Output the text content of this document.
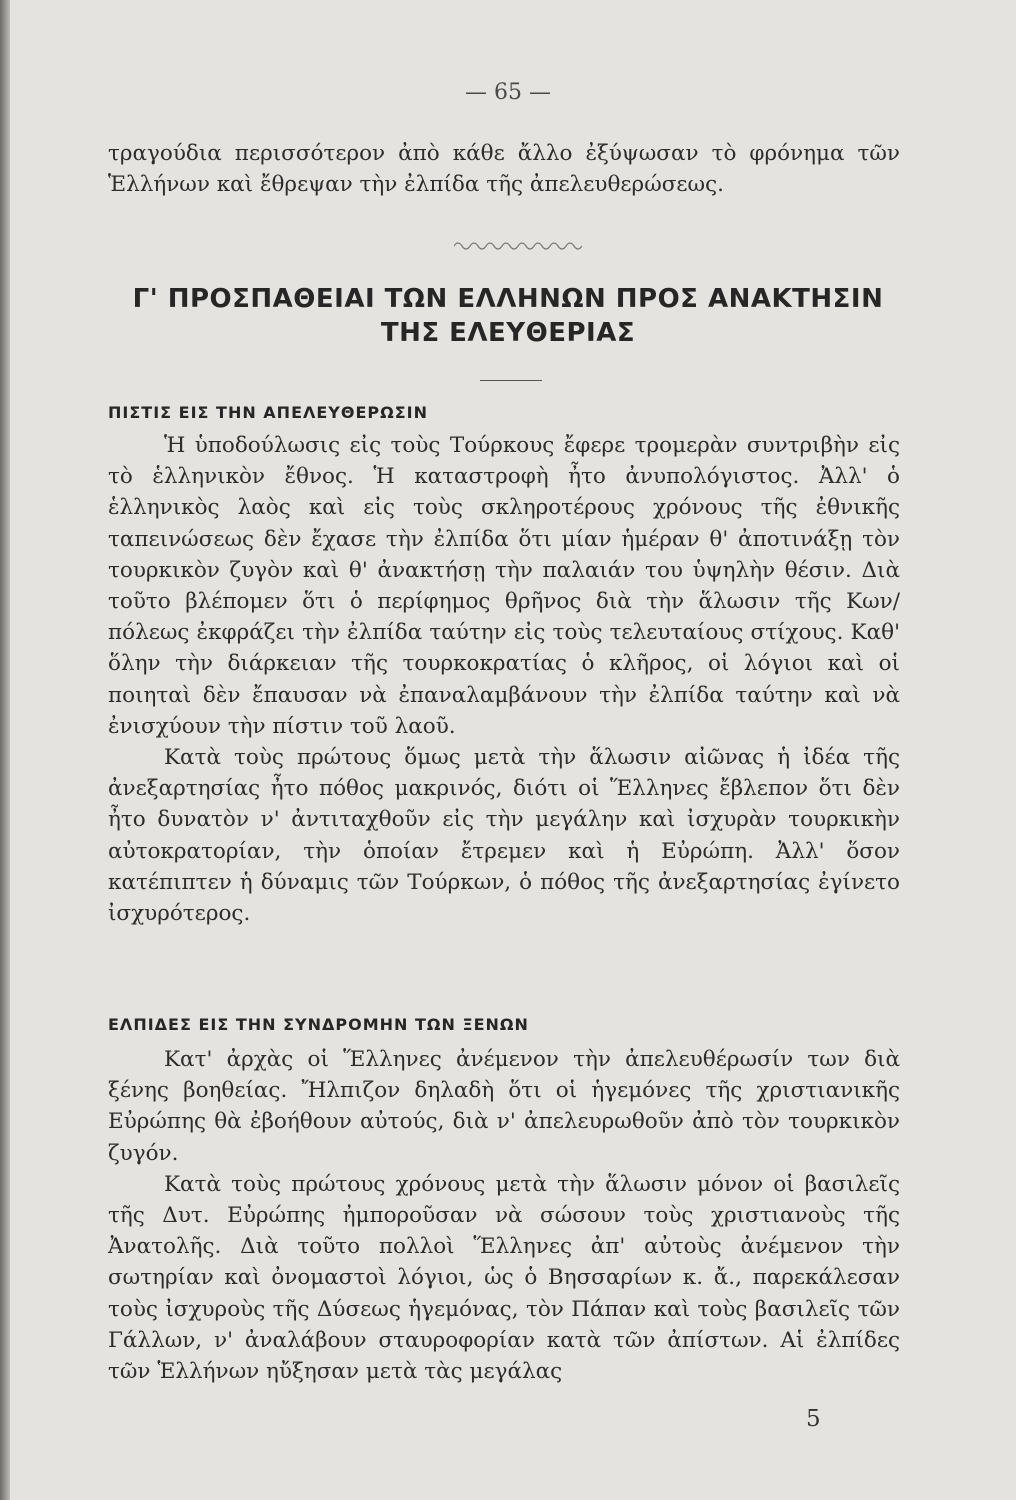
— 65 —

τραγούδια περισσότερον ἀπὸ κάθε ἄλλο ἐξύψωσαν τὸ φρόνημα τῶν Ἑλλήνων καὶ ἔθρεψαν τὴν ἐλπίδα τῆς ἀπελευθερώσεως.

Γ' ΠΡΟΣΠΑΘΕΙΑΙ ΤΩΝ ΕΛΛΗΝΩΝ ΠΡΟΣ ΑΝΑΚΤΗΣΙΝ
ΤΗΣ ΕΛΕΥΘΕΡΙΑΣ
ΠΙΣΤΙΣ ΕΙΣ ΤΗΝ ΑΠΕΛΕΥΘΕΡΩΣΙΝ

Ἡ ὑποδούλωσις εἰς τοὺς Τούρκους ἔφερε τρομερὰν συντριβὴν εἰς τὸ ἑλληνικὸν ἔθνος. Ἡ καταστροφὴ ἦτο ἀνυπολόγιστος. Ἀλλ' ὁ ἑλληνικὸς λαὸς καὶ εἰς τοὺς σκληροτέρους χρόνους τῆς ἐθνικῆς ταπεινώσεως δὲν ἔχασε τὴν ἐλπίδα ὅτι μίαν ἡμέραν θ' ἀποτινάξῃ τὸν τουρκικὸν ζυγὸν καὶ θ' ἀνακτήσῃ τὴν παλαιάν του ὑψηλὴν θέσιν. Διὰ τοῦτο βλέπομεν ὅτι ὁ περίφημος θρῆνος διὰ τὴν ἅλωσιν τῆς Κων/πόλεως ἐκφράζει τὴν ἐλπίδα ταύτην εἰς τοὺς τελευταίους στίχους. Καθ' ὅλην τὴν διάρκειαν τῆς τουρκοκρατίας ὁ κλῆρος, οἱ λόγιοι καὶ οἱ ποιηταὶ δὲν ἔπαυσαν νὰ ἐπαναλαμβάνουν τὴν ἐλπίδα ταύτην καὶ νὰ ἐνισχύουν τὴν πίστιν τοῦ λαοῦ.

Κατὰ τοὺς πρώτους ὅμως μετὰ τὴν ἅλωσιν αἰῶνας ἡ ἰδέα τῆς ἀνεξαρτησίας ἦτο πόθος μακρινός, διότι οἱ Ἕλληνες ἔβλεπον ὅτι δὲν ἦτο δυνατὸν ν' ἀντιταχθοῦν εἰς τὴν μεγάλην καὶ ἰσχυρὰν τουρκικὴν αὐτοκρατορίαν, τὴν ὁποίαν ἔτρεμεν καὶ ἡ Εὐρώπη. Ἀλλ' ὅσον κατέπιπτεν ἡ δύναμις τῶν Τούρκων, ὁ πόθος τῆς ἀνεξαρτησίας ἐγίνετο ἰσχυρότερος.

ΕΛΠΙΔΕΣ ΕΙΣ ΤΗΝ ΣΥΝΔΡΟΜΗΝ ΤΩΝ ΞΕΝΩΝ

Κατ' ἀρχὰς οἱ Ἕλληνες ἀνέμενον τὴν ἀπελευθέρωσίν των διὰ ξένης βοηθείας. Ἤλπιζον δηλαδὴ ὅτι οἱ ἡγεμόνες τῆς χριστιανικῆς Εὐρώπης θὰ ἐβοήθουν αὐτούς, διὰ ν' ἀπελευρωθοῦν ἀπὸ τὸν τουρκικὸν ζυγόν.

Κατὰ τοὺς πρώτους χρόνους μετὰ τὴν ἅλωσιν μόνον οἱ βασιλεῖς τῆς Δυτ. Εὐρώπης ἠμποροῦσαν νὰ σώσουν τοὺς χριστιανοὺς τῆς Ἀνατολῆς. Διὰ τοῦτο πολλοὶ Ἕλληνες ἀπ' αὐτοὺς ἀνέμενον τὴν σωτηρίαν καὶ ὀνομαστοὶ λόγιοι, ὡς ὁ Βησσαρίων κ. ἄ., παρεκάλεσαν τοὺς ἰσχυροὺς τῆς Δύσεως ἡγεμόνας, τὸν Πάπαν καὶ τοὺς βασιλεῖς τῶν Γάλλων, ν' ἀναλάβουν σταυροφορίαν κατὰ τῶν ἀπίστων. Αἱ ἐλπίδες τῶν Ἑλλήνων ηὔξησαν μετὰ τὰς μεγάλας

5
